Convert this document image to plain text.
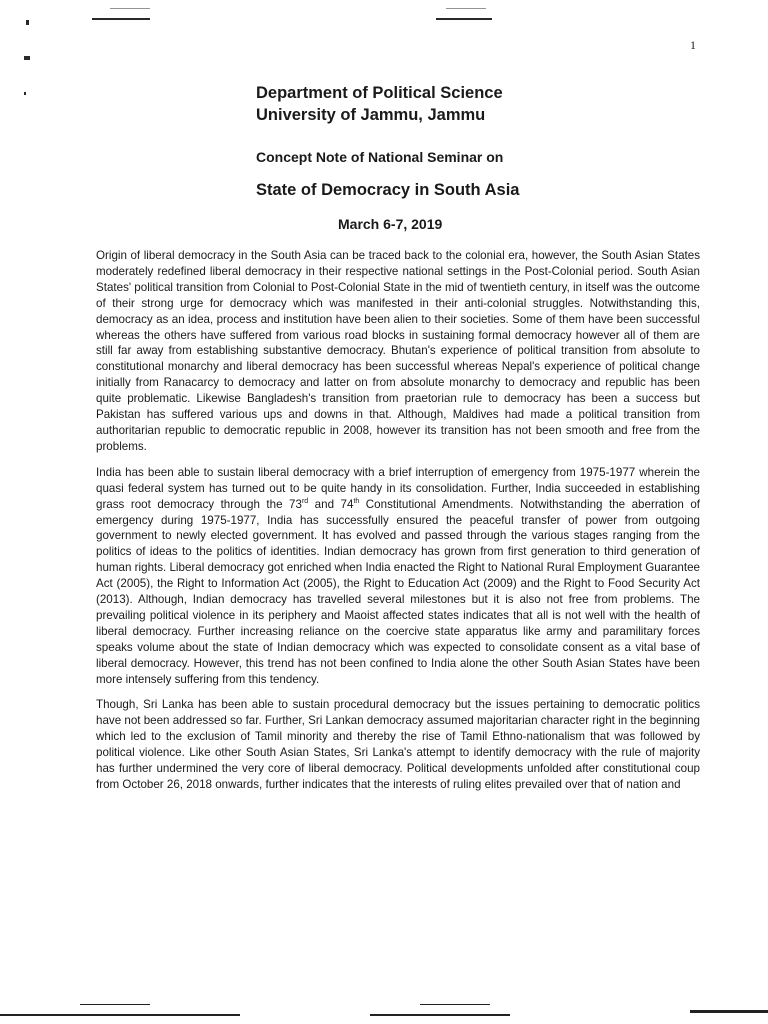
1

Department of Political Science

University of Jammu, Jammu

Concept Note of National Seminar on

State of Democracy in South Asia

March 6-7, 2019

Origin of liberal democracy in the South Asia can be traced back to the colonial era, however, the South Asian States moderately redefined liberal democracy in their respective national settings in the Post-Colonial period. South Asian States' political transition from Colonial to Post-Colonial State in the mid of twentieth century, in itself was the outcome of their strong urge for democracy which was manifested in their anti-colonial struggles. Notwithstanding this, democracy as an idea, process and institution have been alien to their societies. Some of them have been successful whereas the others have suffered from various road blocks in sustaining formal democracy however all of them are still far away from establishing substantive democracy. Bhutan's experience of political transition from absolute to constitutional monarchy and liberal democracy has been successful whereas Nepal's experience of political change initially from Ranacarcy to democracy and latter on from absolute monarchy to democracy and republic has been quite problematic. Likewise Bangladesh's transition from praetorian rule to democracy has been a success but Pakistan has suffered various ups and downs in that. Although, Maldives had made a political transition from authoritarian republic to democratic republic in 2008, however its transition has not been smooth and free from the problems.

India has been able to sustain liberal democracy with a brief interruption of emergency from 1975-1977 wherein the quasi federal system has turned out to be quite handy in its consolidation. Further, India succeeded in establishing grass root democracy through the 73rd and 74th Constitutional Amendments. Notwithstanding the aberration of emergency during 1975-1977, India has successfully ensured the peaceful transfer of power from outgoing government to newly elected government. It has evolved and passed through the various stages ranging from the politics of ideas to the politics of identities. Indian democracy has grown from first generation to third generation of human rights. Liberal democracy got enriched when India enacted the Right to National Rural Employment Guarantee Act (2005), the Right to Information Act (2005), the Right to Education Act (2009) and the Right to Food Security Act (2013). Although, Indian democracy has travelled several milestones but it is also not free from problems. The prevailing political violence in its periphery and Maoist affected states indicates that all is not well with the health of liberal democracy. Further increasing reliance on the coercive state apparatus like army and paramilitary forces speaks volume about the state of Indian democracy which was expected to consolidate consent as a vital base of liberal democracy. However, this trend has not been confined to India alone the other South Asian States have been more intensely suffering from this tendency.

Though, Sri Lanka has been able to sustain procedural democracy but the issues pertaining to democratic politics have not been addressed so far. Further, Sri Lankan democracy assumed majoritarian character right in the beginning which led to the exclusion of Tamil minority and thereby the rise of Tamil Ethno-nationalism that was followed by political violence. Like other South Asian States, Sri Lanka's attempt to identify democracy with the rule of majority has further undermined the very core of liberal democracy. Political developments unfolded after constitutional coup from October 26, 2018 onwards, further indicates that the interests of ruling elites prevailed over that of nation and
